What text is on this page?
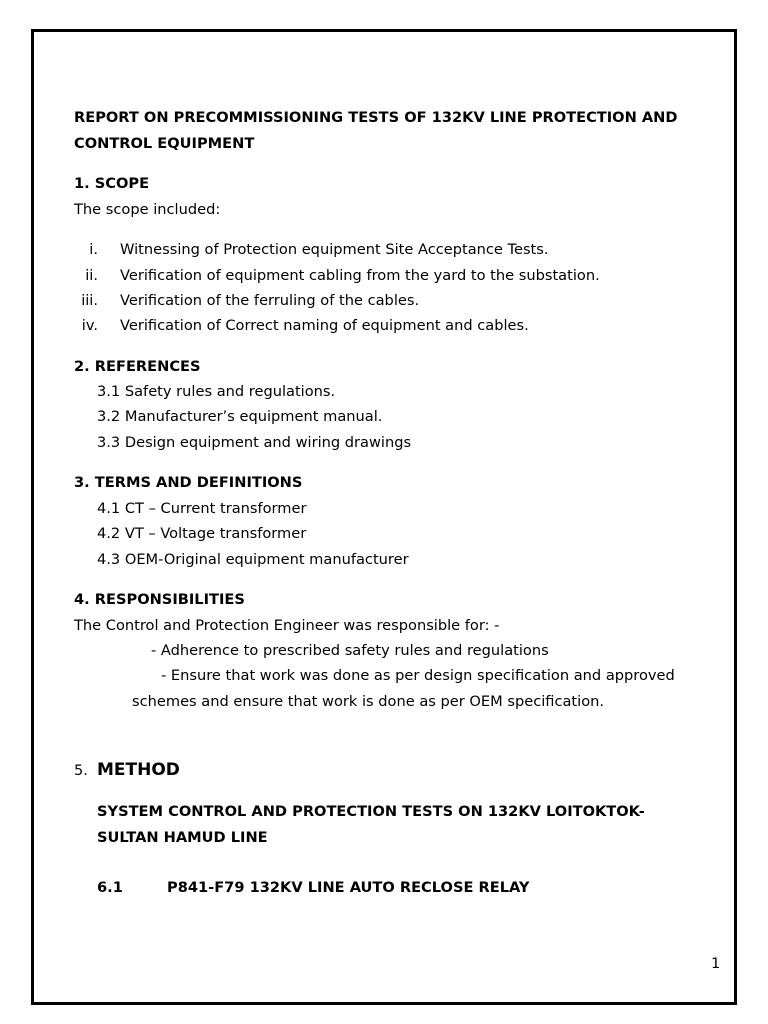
REPORT ON PRECOMMISSIONING TESTS OF 132KV LINE PROTECTION AND
CONTROL EQUIPMENT
1. SCOPE
The scope included:
i. Witnessing of Protection equipment Site Acceptance Tests.
ii. Verification of equipment cabling from the yard to the substation.
iii. Verification of the ferruling of the cables.
iv. Verification of Correct naming of equipment and cables.
2. REFERENCES
3.1 Safety rules and regulations.
3.2 Manufacturer’s equipment manual.
3.3 Design equipment and wiring drawings
3. TERMS AND DEFINITIONS
4.1 CT – Current transformer
4.2 VT – Voltage transformer
4.3 OEM-Original equipment manufacturer
4. RESPONSIBILITIES
The Control and Protection Engineer was responsible for: -
- Adherence to prescribed safety rules and regulations
- Ensure that work was done as per design specification and approved
schemes and ensure that work is done as per OEM specification.
5. METHOD
SYSTEM CONTROL AND PROTECTION TESTS ON 132KV LOITOKTOK-
SULTAN HAMUD LINE
6.1	P841-F79 132KV LINE AUTO RECLOSE RELAY
1
